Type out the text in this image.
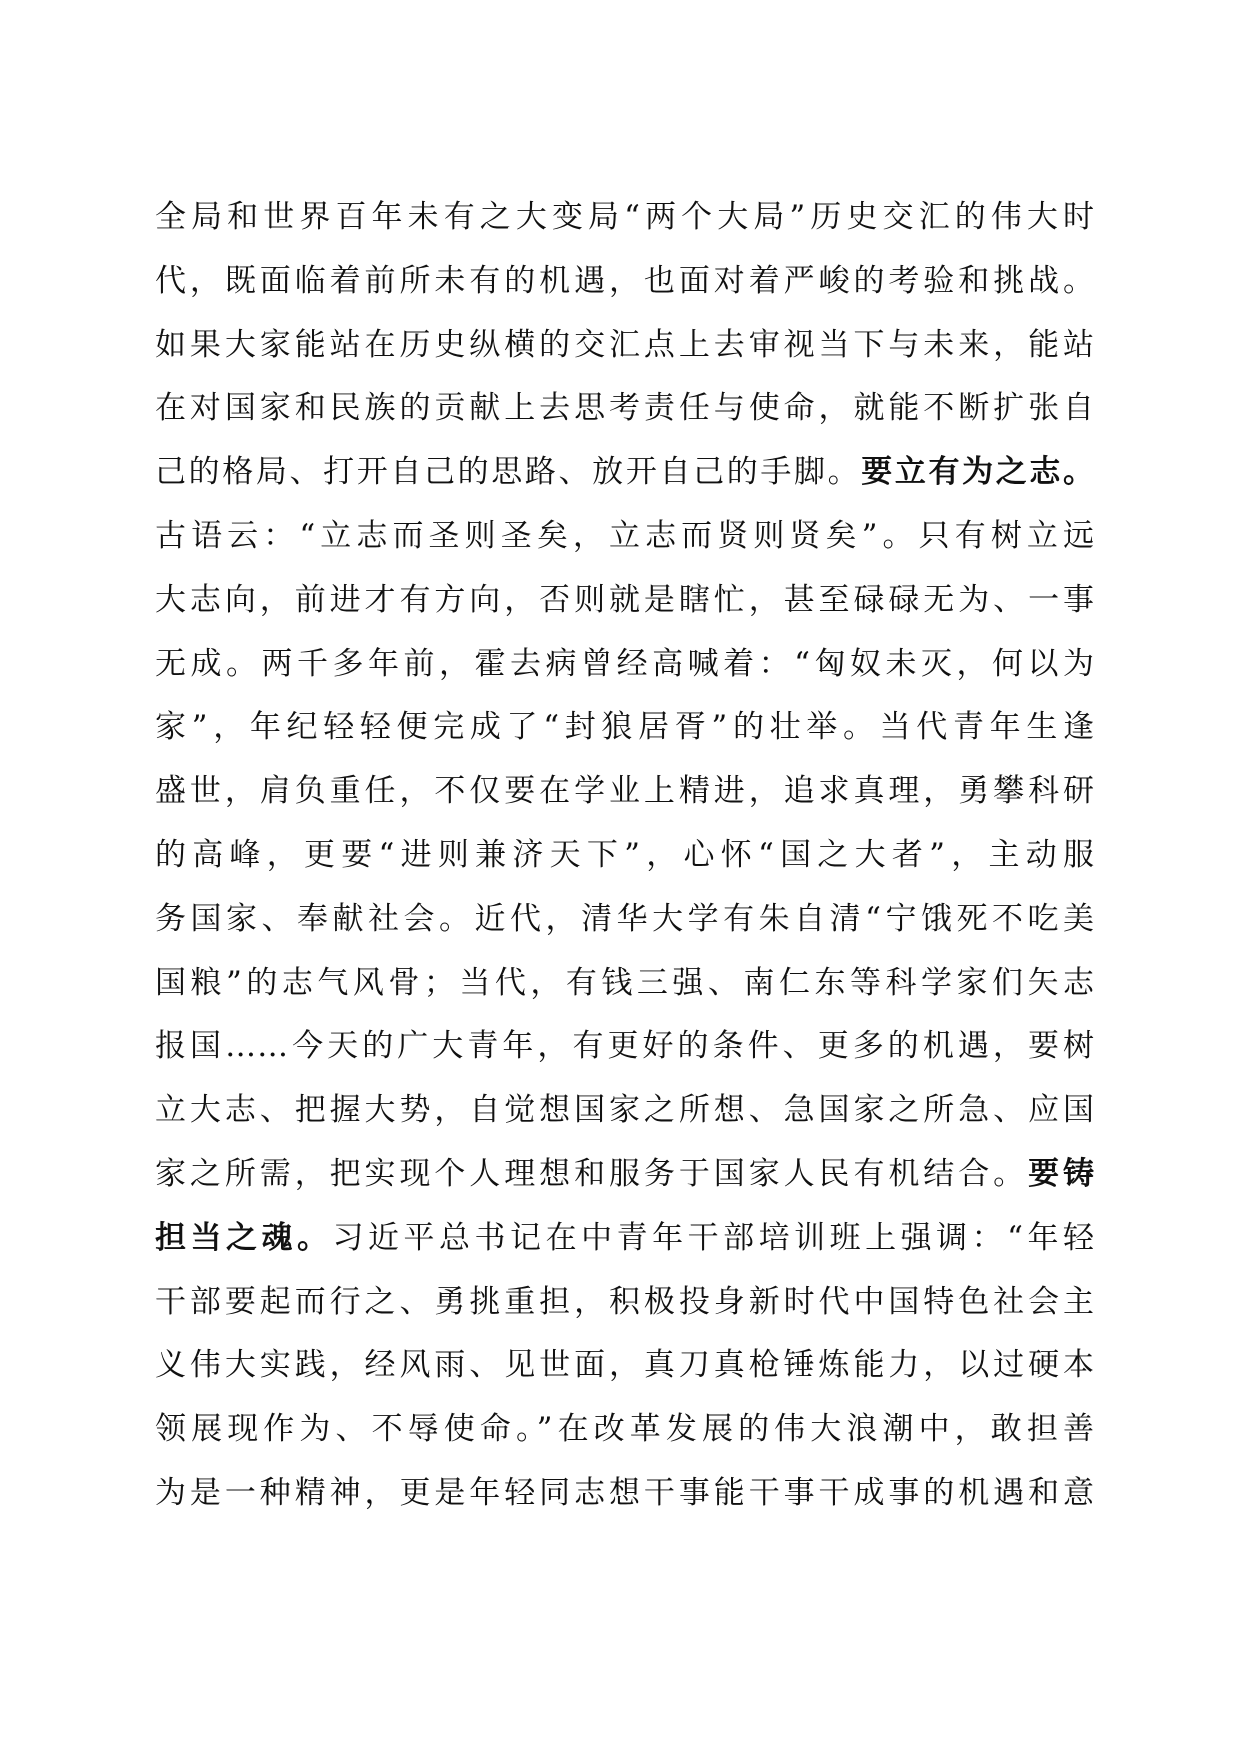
全局和世界百年未有之大变局“两个大局”历史交汇的伟大时
代，既面临着前所未有的机遇，也面对着严峻的考验和挑战。
如果大家能站在历史纵横的交汇点上去审视当下与未来，能站
在对国家和民族的贡献上去思考责任与使命，就能不断扩张自
己的格局、打开自己的思路、放开自己的手脚。要立有为之志。
古语云：“立志而圣则圣矣，立志而贤则贤矣”。只有树立远
大志向，前进才有方向，否则就是瞎忙，甚至碌碌无为、一事
无成。两千多年前，霍去病曾经高喊着：“匈奴未灭，何以为
家”，年纪轻轻便完成了“封狼居胥”的壮举。当代青年生逢
盛世，肩负重任，不仅要在学业上精进，追求真理，勇攀科研
的高峰，更要“进则兼济天下”，心怀“国之大者”，主动服
务国家、奉献社会。近代，清华大学有朱自清“宁饿死不吃美
国粮”的志气风骨；当代，有钱三强、南仁东等科学家们矢志
报国……今天的广大青年，有更好的条件、更多的机遇，要树
立大志、把握大势，自觉想国家之所想、急国家之所急、应国
家之所需，把实现个人理想和服务于国家人民有机结合。要铸
担当之魂。习近平总书记在中青年干部培训班上强调：“年轻
干部要起而行之、勇挑重担，积极投身新时代中国特色社会主
义伟大实践，经风雨、见世面，真刀真枪锤炼能力，以过硬本
领展现作为、不辱使命。”在改革发展的伟大浪潮中，敢担善
为是一种精神，更是年轻同志想干事能干事干成事的机遇和意
